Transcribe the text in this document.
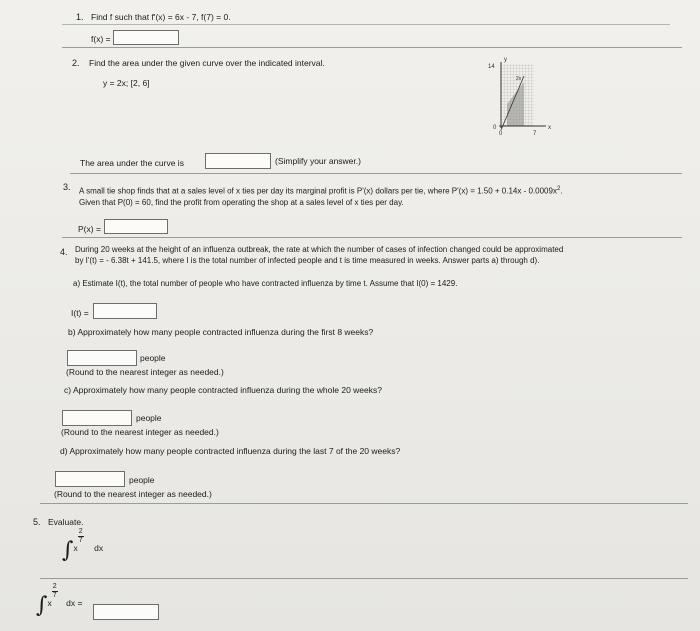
1. Find f such that f'(x) = 6x - 7, f(7) = 0.
f(x) =
2. Find the area under the given curve over the indicated interval.
y = 2x; [2, 6]
y
14
0
0	7
x
2x
The area under the curve is	(Simplify your answer.)
3. A small tie shop finds that at a sales level of x ties per day its marginal profit is P'(x) dollars per tie, where $P'(x) = 1.50 + 0.14x - 0.0009x^2$.
Given that P(0) = 60, find the profit from operating the shop at a sales level of x ties per day.
P(x) =
4. During 20 weeks at the height of an influenza outbreak, the rate at which the number of cases of infection changed could be approximated
by I'(t) = - 6.38t + 141.5, where I is the total number of infected people and t is time measured in weeks. Answer parts a) through d).
a) Estimate I(t), the total number of people who have contracted influenza by time t. Assume that I(0) = 1429.
I(t) =
b) Approximately how many people contracted influenza during the first 8 weeks?
people
(Round to the nearest integer as needed.)
c) Approximately how many people contracted influenza during the whole 20 weeks?
people
(Round to the nearest integer as needed.)
d) Approximately how many people contracted influenza during the last 7 of the 20 weeks?
people
(Round to the nearest integer as needed.)
5. Evaluate.
∫$^x$
$\frac{2}{7}$
$^{dx}$
∫$^x$
$\frac{2}{7}$
$^{dx =}$
